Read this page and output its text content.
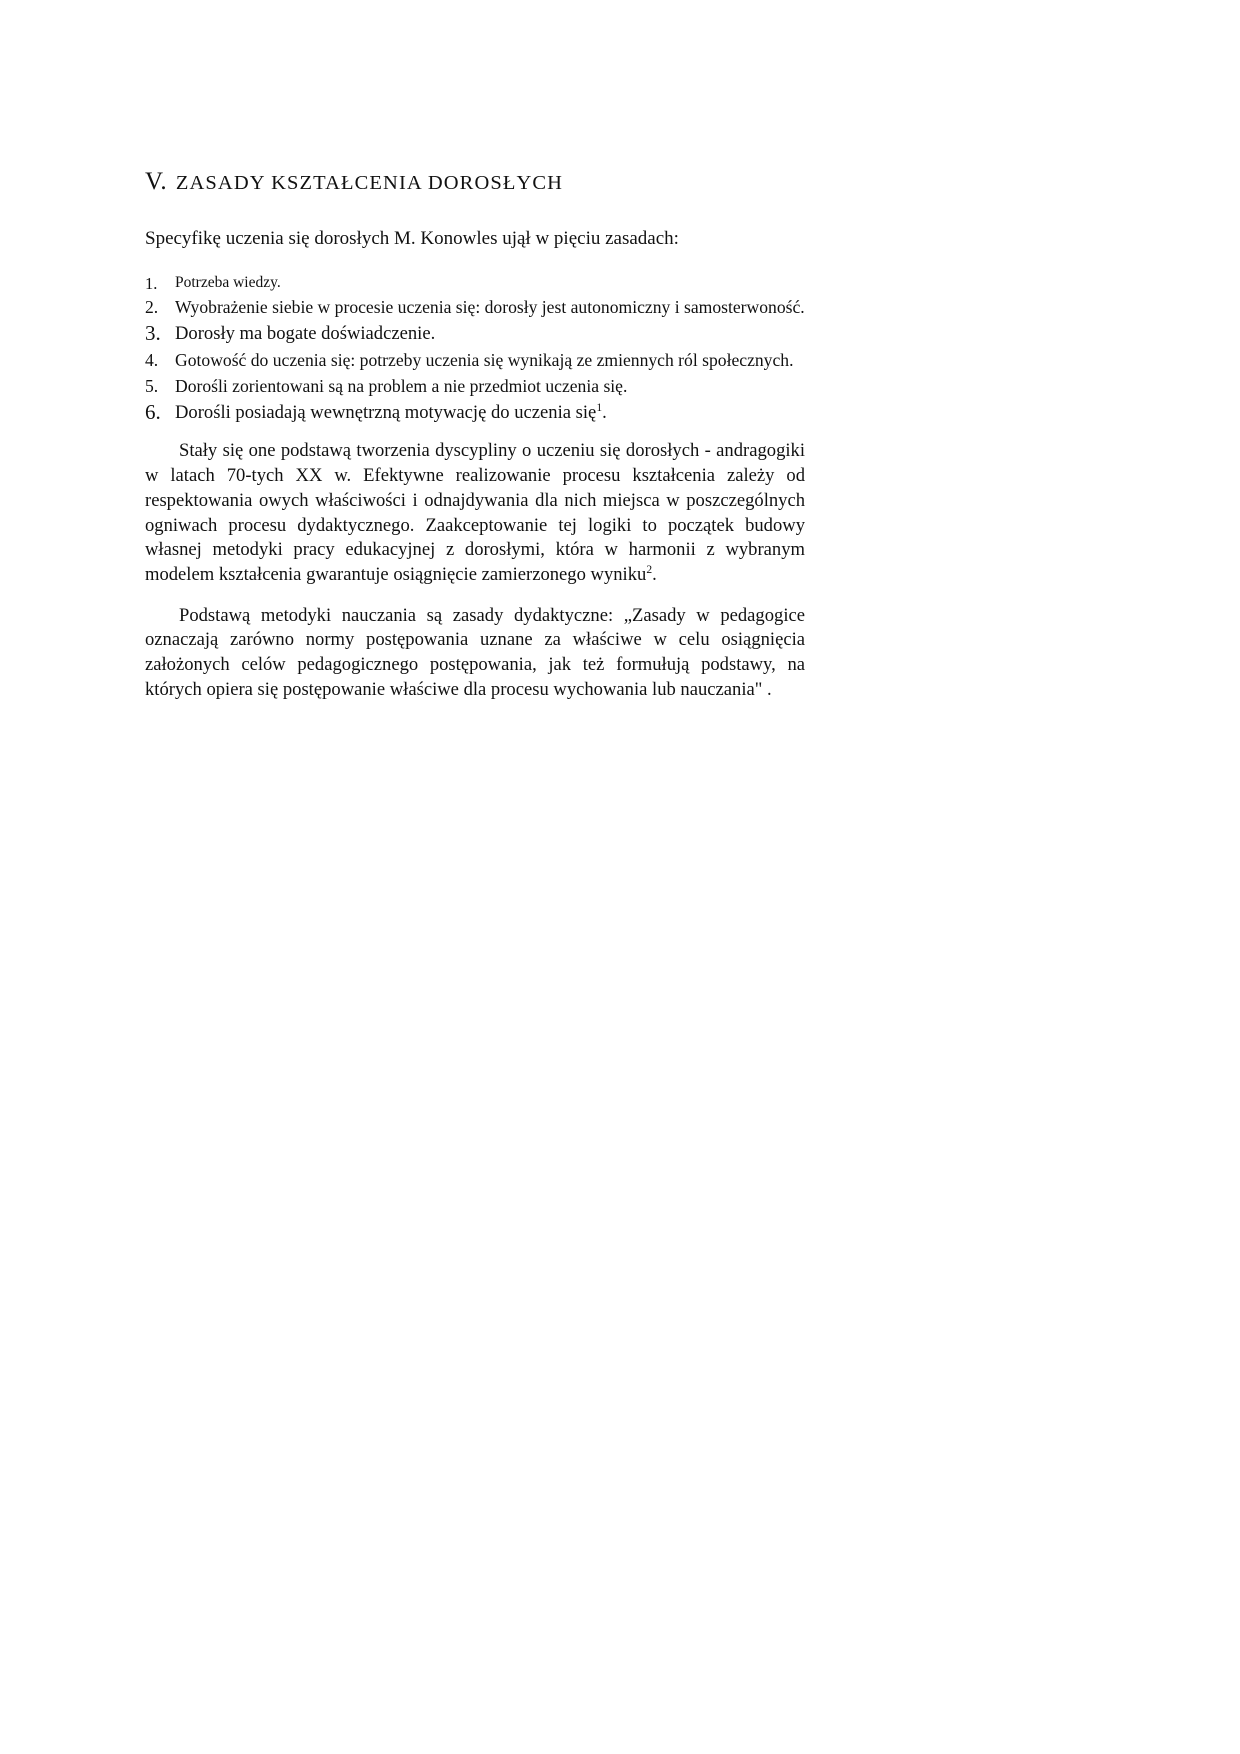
V. ZASADY KSZTAŁCENIA DOROSŁYCH

Specyfikę uczenia się dorosłych M. Konowles ujął w pięciu zasadach:

1. Potrzeba wiedzy.
2. Wyobrażenie siebie w procesie uczenia się: dorosły jest autonomiczny i samosterwoność.
3. Dorosły ma bogate doświadczenie.
4. Gotowość do uczenia się: potrzeby uczenia się wynikają ze zmiennych ról społecznych.
5. Dorośli zorientowani są na problem a nie przedmiot uczenia się.
6. Dorośli posiadają wewnętrzną motywację do uczenia się$^1$.

Stały się one podstawą tworzenia dyscypliny o uczeniu się dorosłych - andragogiki w latach 70-tych XX w. Efektywne realizowanie procesu kształcenia zależy od respektowania owych właściwości i odnajdywania dla nich miejsca w poszczególnych ogniwach procesu dydaktycznego. Zaakceptowanie tej logiki to początek budowy własnej metodyki pracy edukacyjnej z dorosłymi, która w harmonii z wybranym modelem kształcenia gwarantuje osiągnięcie zamierzonego wyniku$^2$.

Podstawą metodyki nauczania są zasady dydaktyczne: „Zasady w pedagogice oznaczają zarówno normy postępowania uznane za właściwe w celu osiągnięcia założonych celów pedagogicznego postępowania, jak też formułują podstawy, na których opiera się postępowanie właściwe dla procesu wychowania lub nauczania" .
